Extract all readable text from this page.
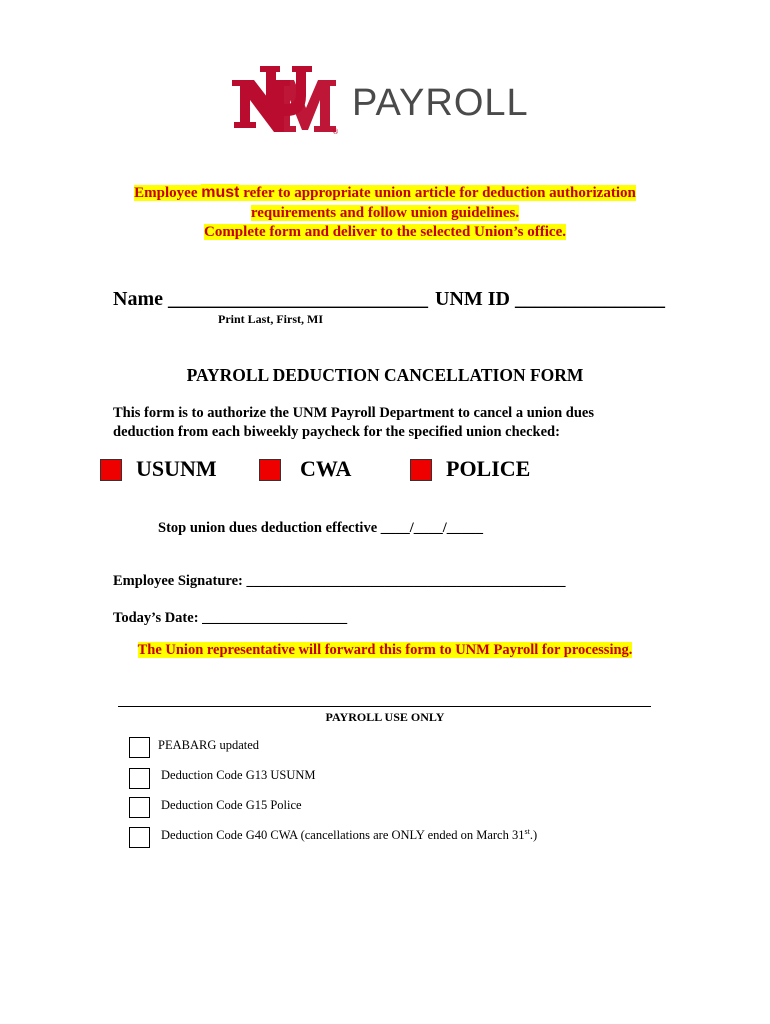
®
PAYROLL
Employee must refer to appropriate union article for deduction authorization
requirements and follow union guidelines.
Complete form and deliver to the selected Union’s office.
Name __________________________ UNM ID _______________
Print Last, First, MI
PAYROLL DEDUCTION CANCELLATION FORM
This form is to authorize the UNM Payroll Department to cancel a union dues
deduction from each biweekly paycheck for the specified union checked:
USUNM	CWA	POLICE
Stop union dues deduction effective ____/____/_____
Employee Signature: ____________________________________________
Today’s Date: ____________________
The Union representative will forward this form to UNM Payroll for processing.
PAYROLL USE ONLY
PEABARG updated
Deduction Code G13 USUNM
Deduction Code G15 Police
Deduction Code G40 CWA (cancellations are ONLY ended on March 31st.)
